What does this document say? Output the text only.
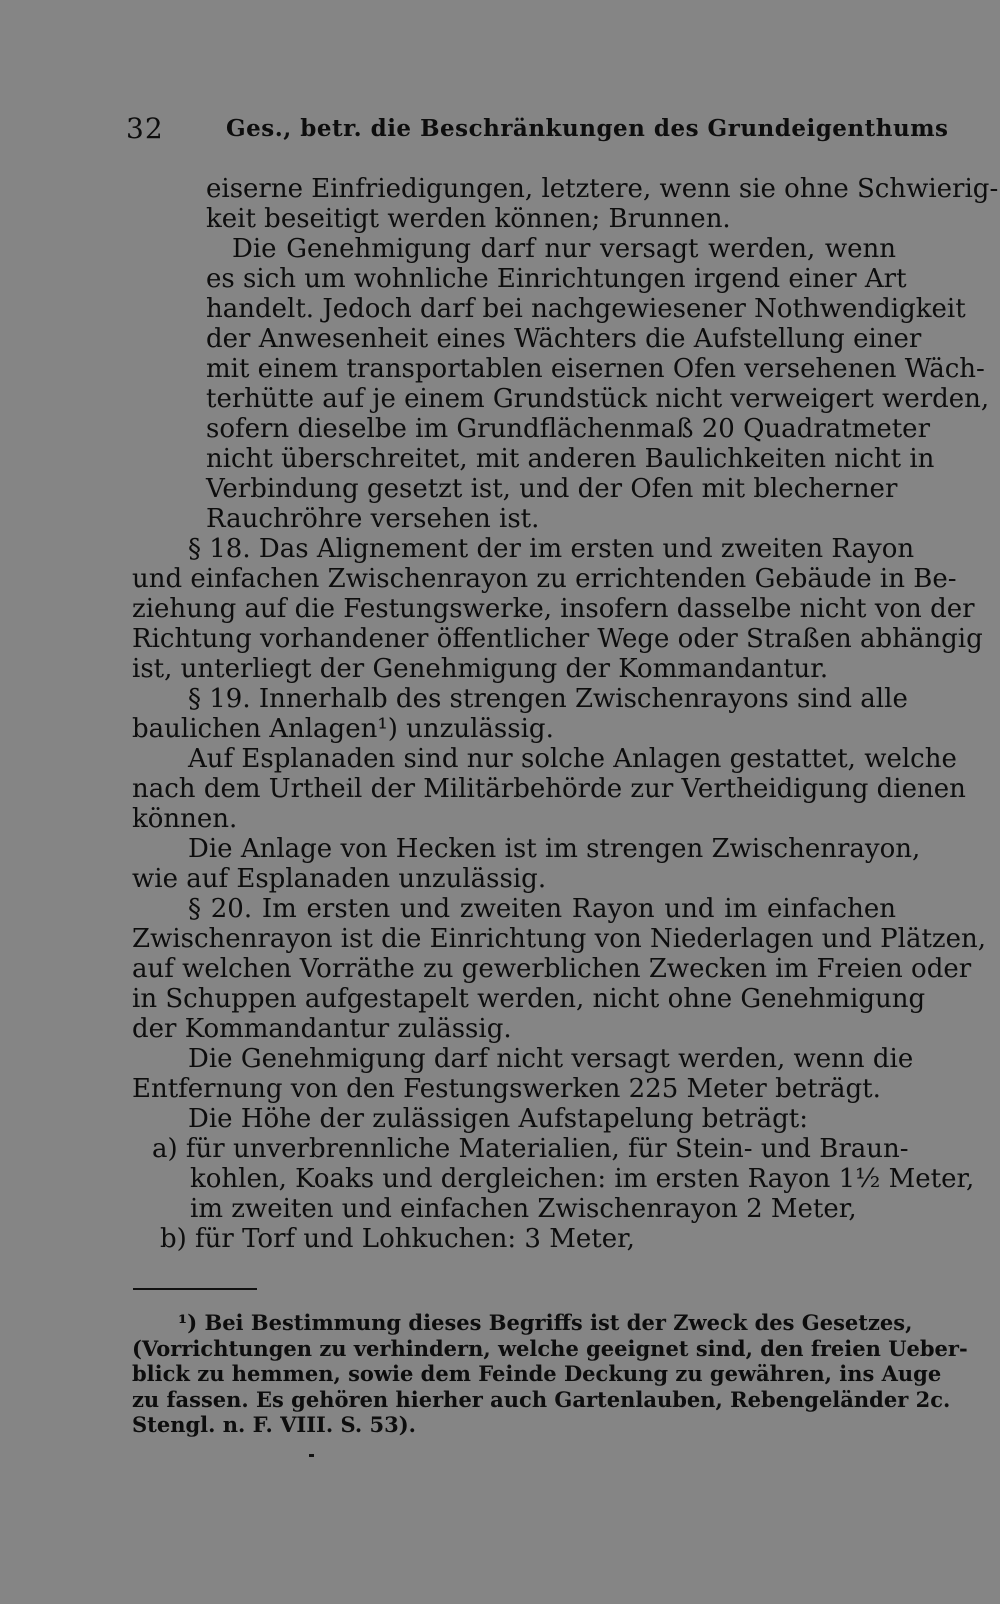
32	Ges., betr. die Beschränkungen des Grundeigenthums
eiserne Einfriedigungen, letztere, wenn sie ohne Schwierig-
keit beseitigt werden können; Brunnen.
Die Genehmigung darf nur versagt werden, wenn
es sich um wohnliche Einrichtungen irgend einer Art
handelt. Jedoch darf bei nachgewiesener Nothwendigkeit
der Anwesenheit eines Wächters die Aufstellung einer
mit einem transportablen eisernen Ofen versehenen Wäch-
terhütte auf je einem Grundstück nicht verweigert werden,
sofern dieselbe im Grundflächenmaß 20 Quadratmeter
nicht überschreitet, mit anderen Baulichkeiten nicht in
Verbindung gesetzt ist, und der Ofen mit blecherner
Rauchröhre versehen ist.
§ 18. Das Alignement der im ersten und zweiten Rayon
und einfachen Zwischenrayon zu errichtenden Gebäude in Be-
ziehung auf die Festungswerke, insofern dasselbe nicht von der
Richtung vorhandener öffentlicher Wege oder Straßen abhängig
ist, unterliegt der Genehmigung der Kommandantur.
§ 19. Innerhalb des strengen Zwischenrayons sind alle
baulichen Anlagen¹) unzulässig.
Auf Esplanaden sind nur solche Anlagen gestattet, welche
nach dem Urtheil der Militärbehörde zur Vertheidigung dienen
können.
Die Anlage von Hecken ist im strengen Zwischenrayon,
wie auf Esplanaden unzulässig.
§ 20. Im ersten und zweiten Rayon und im einfachen
Zwischenrayon ist die Einrichtung von Niederlagen und Plätzen,
auf welchen Vorräthe zu gewerblichen Zwecken im Freien oder
in Schuppen aufgestapelt werden, nicht ohne Genehmigung
der Kommandantur zulässig.
Die Genehmigung darf nicht versagt werden, wenn die
Entfernung von den Festungswerken 225 Meter beträgt.
Die Höhe der zulässigen Aufstapelung beträgt:
a) für unverbrennliche Materialien, für Stein- und Braun-
kohlen, Koaks und dergleichen: im ersten Rayon 1½ Meter,
im zweiten und einfachen Zwischenrayon 2 Meter,
b) für Torf und Lohkuchen: 3 Meter,
¹) Bei Bestimmung dieses Begriffs ist der Zweck des Gesetzes,
(Vorrichtungen zu verhindern, welche geeignet sind, den freien Ueber-
blick zu hemmen, sowie dem Feinde Deckung zu gewähren, ins Auge
zu fassen. Es gehören hierher auch Gartenlauben, Rebengeländer 2c.
Stengl. n. F. VIII. S. 53).
